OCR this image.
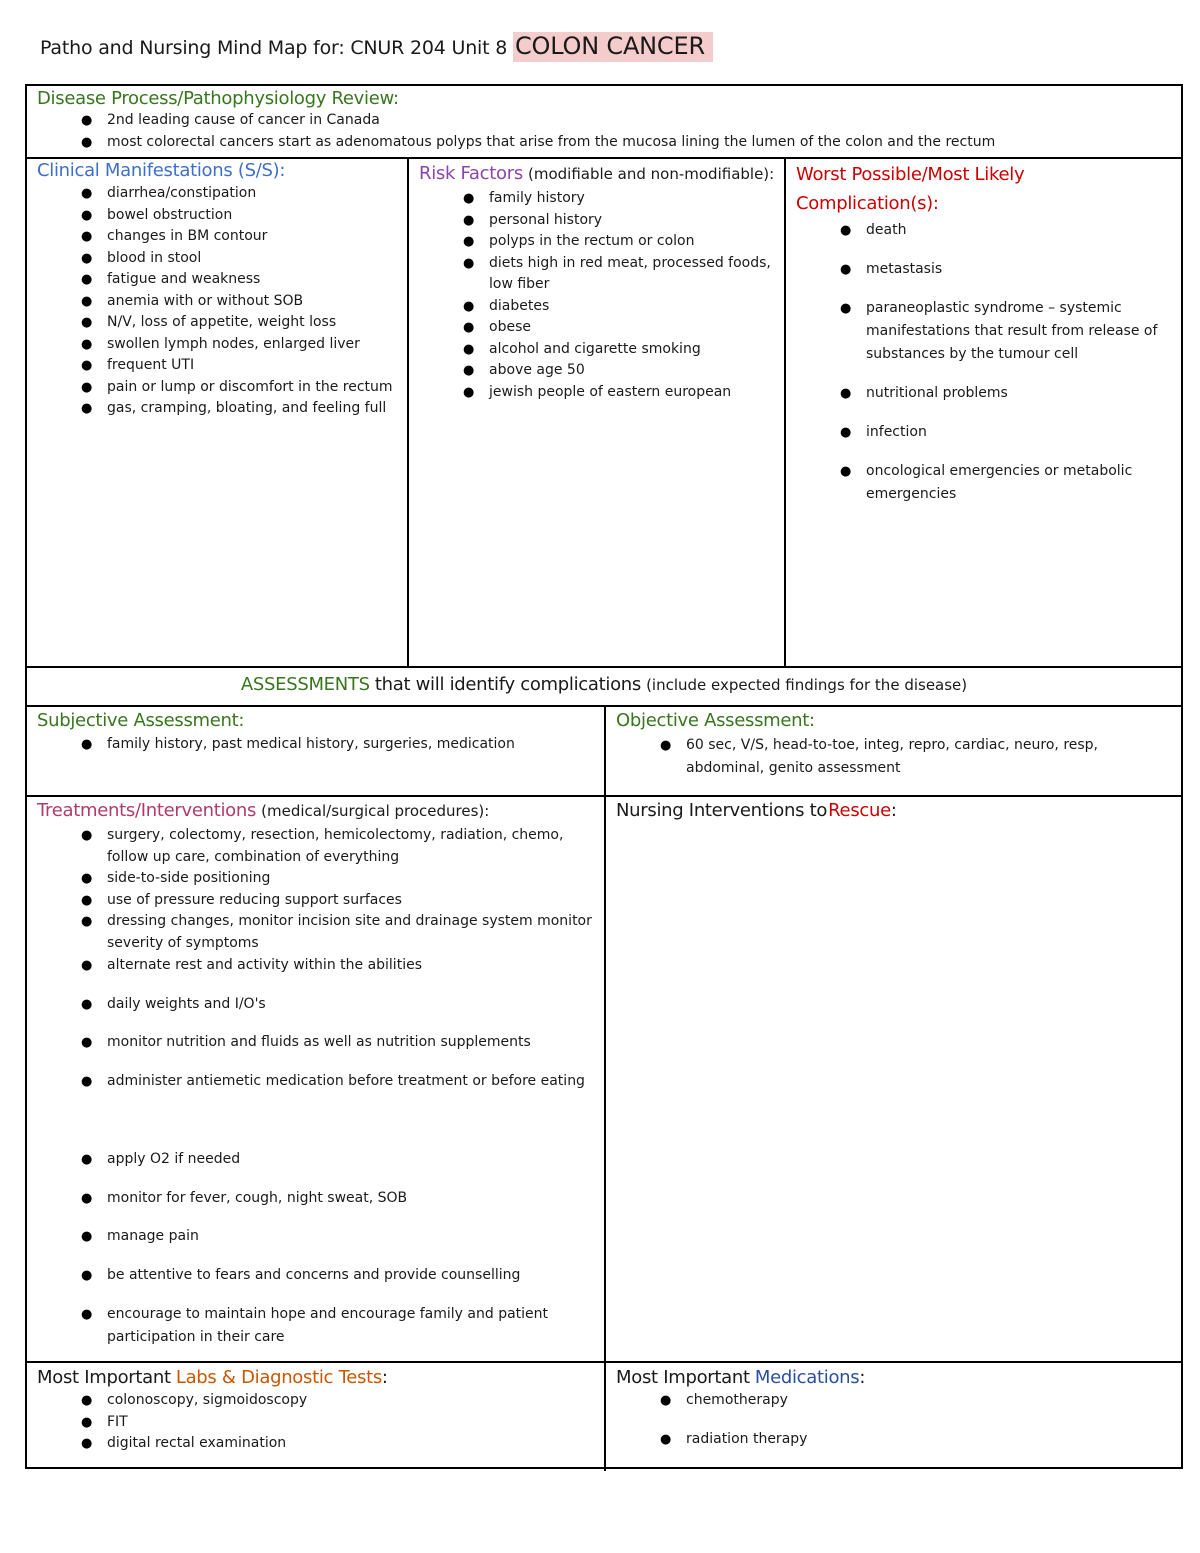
Patho and Nursing Mind Map for: CNUR 204 Unit 8 COLON CANCER
Disease Process/Pathophysiology Review:
● 2nd leading cause of cancer in Canada
● most colorectal cancers start as adenomatous polyps that arise from the mucosa lining the lumen of the colon and the rectum
Clinical Manifestations (S/S):
● diarrhea/constipation
● bowel obstruction
● changes in BM contour
● blood in stool
● fatigue and weakness
● anemia with or without SOB
● N/V, loss of appetite, weight loss
● swollen lymph nodes, enlarged liver
● frequent UTI
● pain or lump or discomfort in the rectum
● gas, cramping, bloating, and feeling full
Risk Factors (modifiable and non-modifiable):
● family history
● personal history
● polyps in the rectum or colon
● diets high in red meat, processed foods, low fiber
● diabetes
● obese
● alcohol and cigarette smoking
● above age 50
● jewish people of eastern european
Worst Possible/Most Likely Complication(s):
● death
● metastasis
● paraneoplastic syndrome – systemic manifestations that result from release of substances by the tumour cell
● nutritional problems
● infection
● oncological emergencies or metabolic emergencies
ASSESSMENTS that will identify complications (include expected findings for the disease)
Subjective Assessment:
● family history, past medical history, surgeries, medication
Objective Assessment:
● 60 sec, V/S, head-to-toe, integ, repro, cardiac, neuro, resp, abdominal, genito assessment
Treatments/Interventions (medical/surgical procedures):
● surgery, colectomy, resection, hemicolectomy, radiation, chemo, follow up care, combination of everything
● side-to-side positioning
● use of pressure reducing support surfaces
● dressing changes, monitor incision site and drainage system monitor severity of symptoms
● alternate rest and activity within the abilities
● daily weights and I/O's
● monitor nutrition and fluids as well as nutrition supplements
● administer antiemetic medication before treatment or before eating
● apply O2 if needed
● monitor for fever, cough, night sweat, SOB
● manage pain
● be attentive to fears and concerns and provide counselling
● encourage to maintain hope and encourage family and patient participation in their care
Nursing Interventions to Rescue:
Most Important Labs & Diagnostic Tests:
● colonoscopy, sigmoidoscopy
● FIT
● digital rectal examination
Most Important Medications:
● chemotherapy
● radiation therapy
